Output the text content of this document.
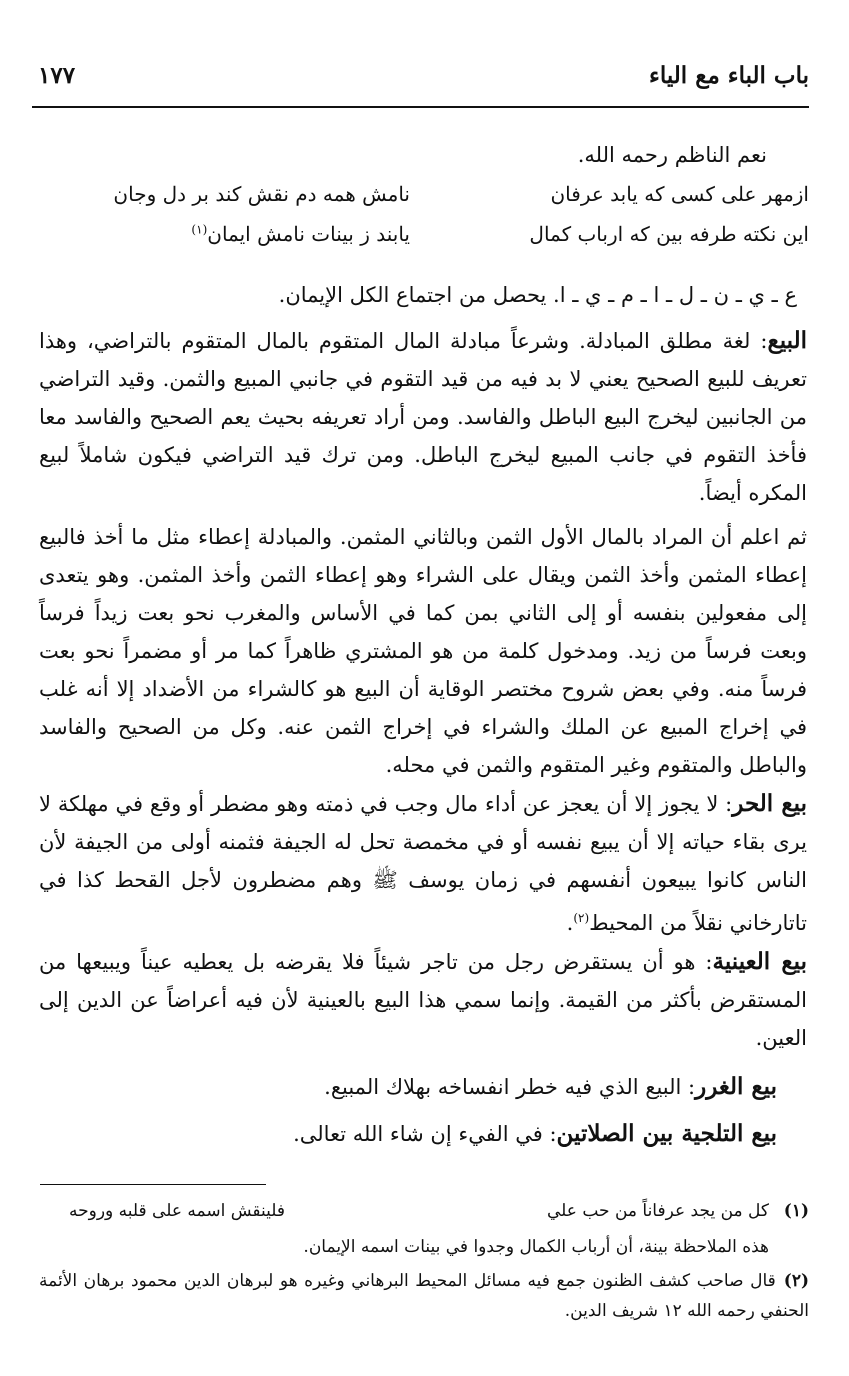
باب الباء مع الياء
١٧٧
نعم الناظم رحمه الله.
ازمهر على كسى كه يابد عرفان
نامش همه دم نقش كند بر دل وجان
اين نكته طرفه بين كه ارباب كمال
يابند ز بينات نامش ايمان$^{(١)}$
ع ـ ي ـ ن ـ ل ـ ا ـ م ـ ي ـ ا. يحصل من اجتماع الكل الإيمان.
البيع: لغة مطلق المبادلة. وشرعاً مبادلة المال المتقوم بالمال المتقوم بالتراضي، وهذا تعريف للبيع الصحيح يعني لا بد فيه من قيد التقوم في جانبي المبيع والثمن. وقيد التراضي من الجانبين ليخرج البيع الباطل والفاسد. ومن أراد تعريفه بحيث يعم الصحيح والفاسد معا فأخذ التقوم في جانب المبيع ليخرج الباطل. ومن ترك قيد التراضي فيكون شاملاً لبيع المكره أيضاً.
ثم اعلم أن المراد بالمال الأول الثمن وبالثاني المثمن. والمبادلة إعطاء مثل ما أخذ فالبيع إعطاء المثمن وأخذ الثمن ويقال على الشراء وهو إعطاء الثمن وأخذ المثمن. وهو يتعدى إلى مفعولين بنفسه أو إلى الثاني بمن كما في الأساس والمغرب نحو بعت زيداً فرساً وبعت فرساً من زيد. ومدخول كلمة من هو المشتري ظاهراً كما مر أو مضمراً نحو بعت فرساً منه. وفي بعض شروح مختصر الوقاية أن البيع هو كالشراء من الأضداد إلا أنه غلب في إخراج المبيع عن الملك والشراء في إخراج الثمن عنه. وكل من الصحيح والفاسد والباطل والمتقوم وغير المتقوم والثمن في محله.
بيع الحر: لا يجوز إلا أن يعجز عن أداء مال وجب في ذمته وهو مضطر أو وقع في مهلكة لا يرى بقاء حياته إلا أن يبيع نفسه أو في مخمصة تحل له الجيفة فثمنه أولى من الجيفة لأن الناس كانوا يبيعون أنفسهم في زمان يوسف ﷺ وهم مضطرون لأجل القحط كذا في تاتارخاني نقلاً من المحيط$^{(٢)}$.
بيع العينية: هو أن يستقرض رجل من تاجر شيئاً فلا يقرضه بل يعطيه عيناً ويبيعها من المستقرض بأكثر من القيمة. وإنما سمي هذا البيع بالعينية لأن فيه أعراضاً عن الدين إلى العين.
بيع الغرر: البيع الذي فيه خطر انفساخه بهلاك المبيع.
بيع التلجية بين الصلاتين: في الفيء إن شاء الله تعالى.
(١)
كل من يجد عرفاناً من حب علي
فلينقش اسمه على قلبه وروحه
هذه الملاحظة بينة، أن أرباب الكمال وجدوا في بينات اسمه الإيمان.
(٢)قال صاحب كشف الظنون جمع فيه مسائل المحيط البرهاني وغيره هو لبرهان الدين محمود برهان الأئمة الحنفي رحمه الله ١٢ شريف الدين.
